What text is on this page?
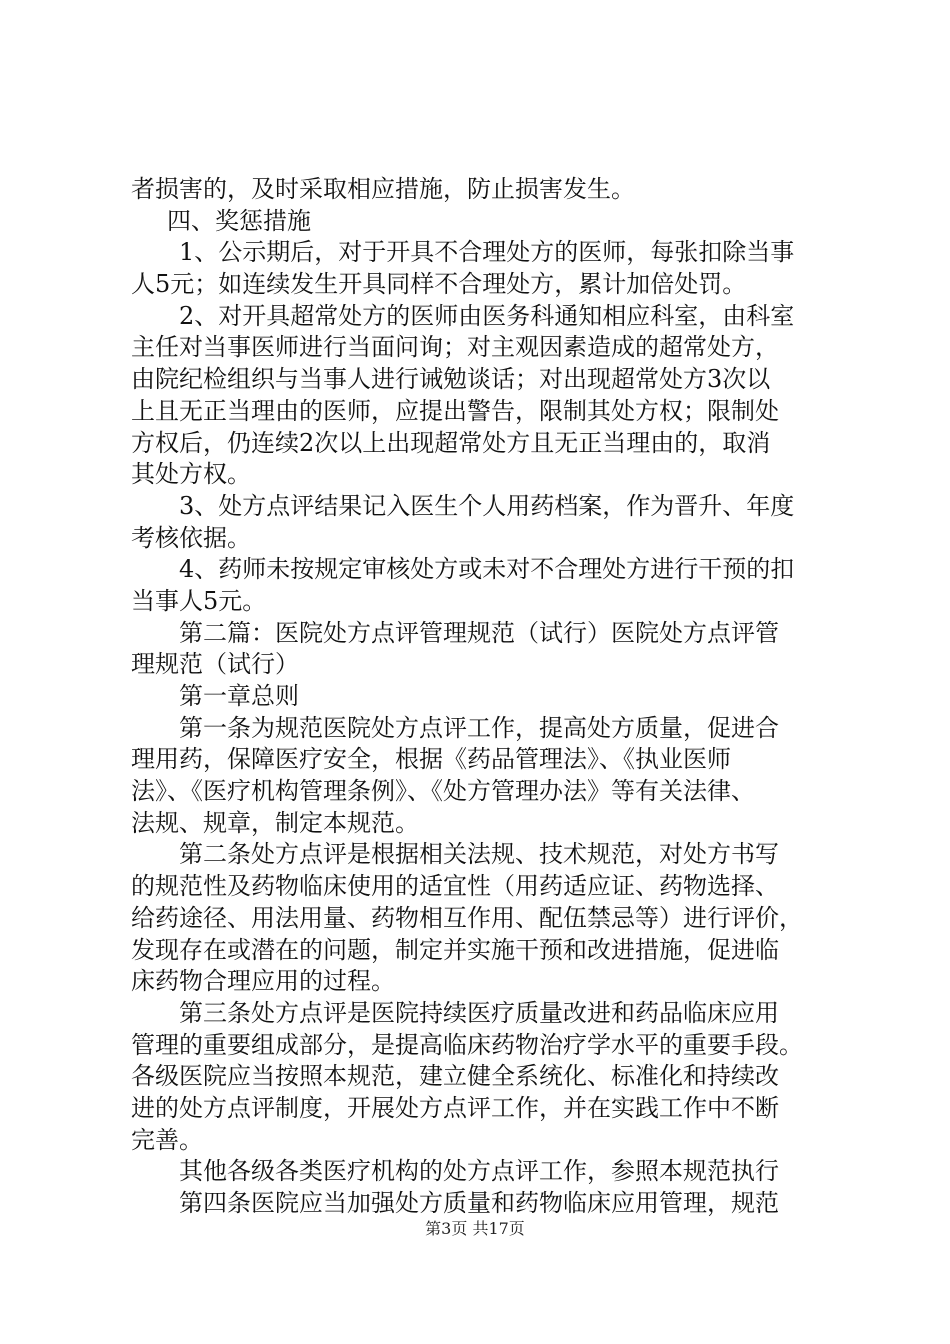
者损害的，及时采取相应措施，防止损害发生。
四、奖惩措施
1、公示期后，对于开具不合理处方的医师，每张扣除当事
人5元；如连续发生开具同样不合理处方，累计加倍处罚。
2、对开具超常处方的医师由医务科通知相应科室，由科室
主任对当事医师进行当面问询；对主观因素造成的超常处方，
由院纪检组织与当事人进行诫勉谈话；对出现超常处方3次以
上且无正当理由的医师，应提出警告，限制其处方权；限制处
方权后，仍连续2次以上出现超常处方且无正当理由的，取消
其处方权。
3、处方点评结果记入医生个人用药档案，作为晋升、年度
考核依据。
4、药师未按规定审核处方或未对不合理处方进行干预的扣
当事人5元。
第二篇：医院处方点评管理规范（试行）医院处方点评管
理规范（试行）
第一章总则
第一条为规范医院处方点评工作，提高处方质量，促进合
理用药，保障医疗安全，根据《药品管理法》、《执业医师
法》、《医疗机构管理条例》、《处方管理办法》等有关法律、
法规、规章，制定本规范。
第二条处方点评是根据相关法规、技术规范，对处方书写
的规范性及药物临床使用的适宜性（用药适应证、药物选择、
给药途径、用法用量、药物相互作用、配伍禁忌等）进行评价，
发现存在或潜在的问题，制定并实施干预和改进措施，促进临
床药物合理应用的过程。
第三条处方点评是医院持续医疗质量改进和药品临床应用
管理的重要组成部分，是提高临床药物治疗学水平的重要手段。
各级医院应当按照本规范，建立健全系统化、标准化和持续改
进的处方点评制度，开展处方点评工作，并在实践工作中不断
完善。
其他各级各类医疗机构的处方点评工作，参照本规范执行
第四条医院应当加强处方质量和药物临床应用管理，规范
第3页 共17页
